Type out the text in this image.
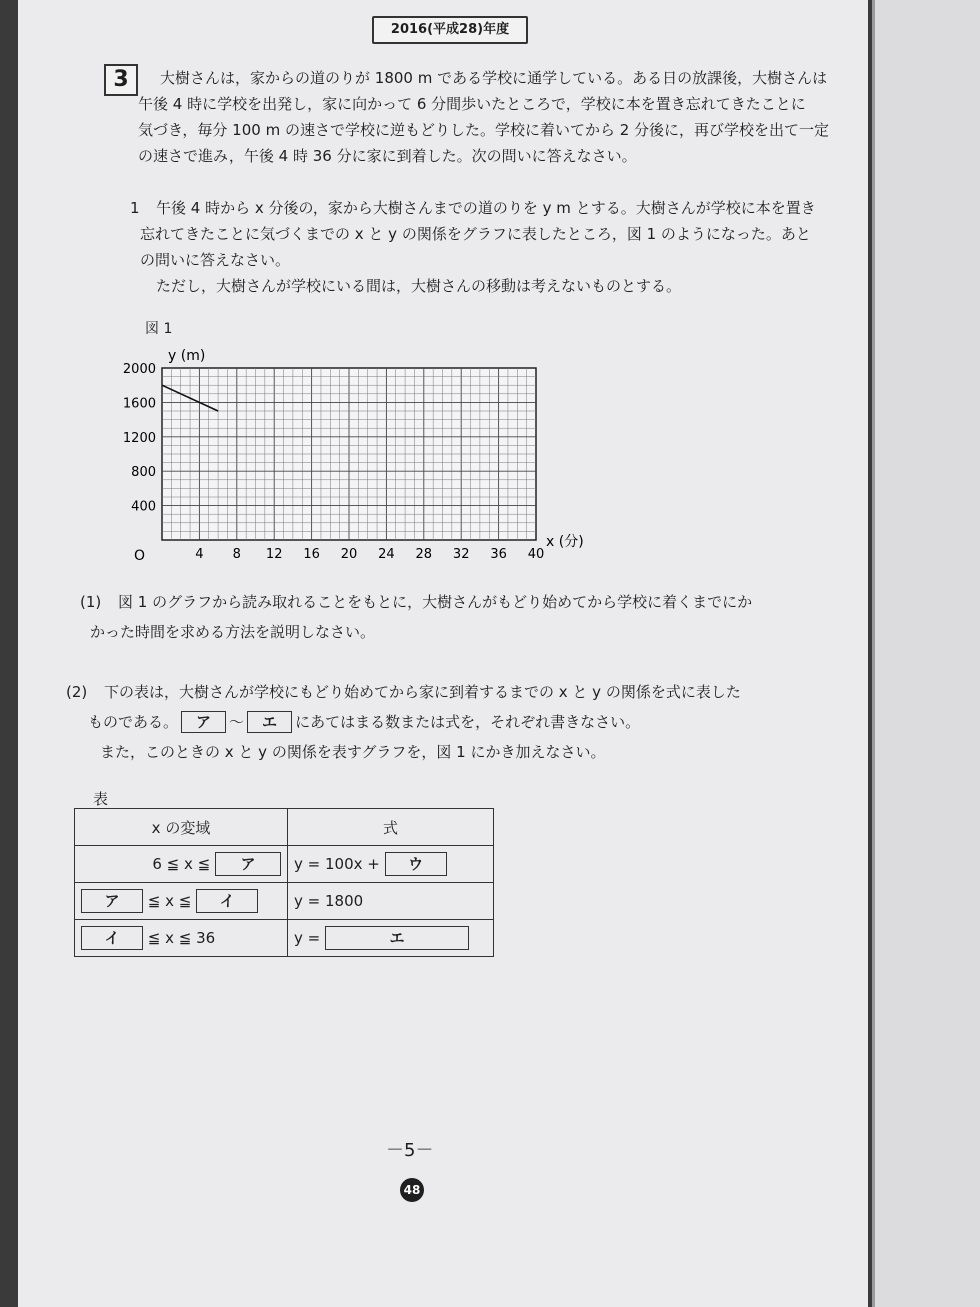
2016(平成28)年度
3	大樹さんは，家からの道のりが 1800 m である学校に通学している。ある日の放課後，大樹さんは
午後 4 時に学校を出発し，家に向かって 6 分間歩いたところで，学校に本を置き忘れてきたことに
気づき，毎分 100 m の速さで学校に逆もどりした。学校に着いてから 2 分後に，再び学校を出て一定
の速さで進み，午後 4 時 36 分に家に到着した。次の問いに答えなさい。
1 午後 4 時から x 分後の，家から大樹さんまでの道のりを y m とする。大樹さんが学校に本を置き
忘れてきたことに気づくまでの x と y の関係をグラフに表したところ，図 1 のようになった。あと
の問いに答えなさい。
ただし，大樹さんが学校にいる間は，大樹さんの移動は考えないものとする。
図 1
4 8 12 16 20 24 28 32 36 40
400
800
1200
1600
2000
y (m)
x (分)
O
(1) 図 1 のグラフから読み取れることをもとに，大樹さんがもどり始めてから学校に着くまでにか
かった時間を求める方法を説明しなさい。
(2) 下の表は，大樹さんが学校にもどり始めてから家に到着するまでの x と y の関係を式に表した
ものである。 ア ～ エ にあてはまる数または式を，それぞれ書きなさい。
また，このときの x と y の関係を表すグラフを，図 1 にかき加えなさい。
表
x の変域	式
6 ≦ x ≦ ア	y = 100x + ウ
ア ≦ x ≦ イ	y = 1800
イ ≦ x ≦ 36	y = エ
－5－
48
